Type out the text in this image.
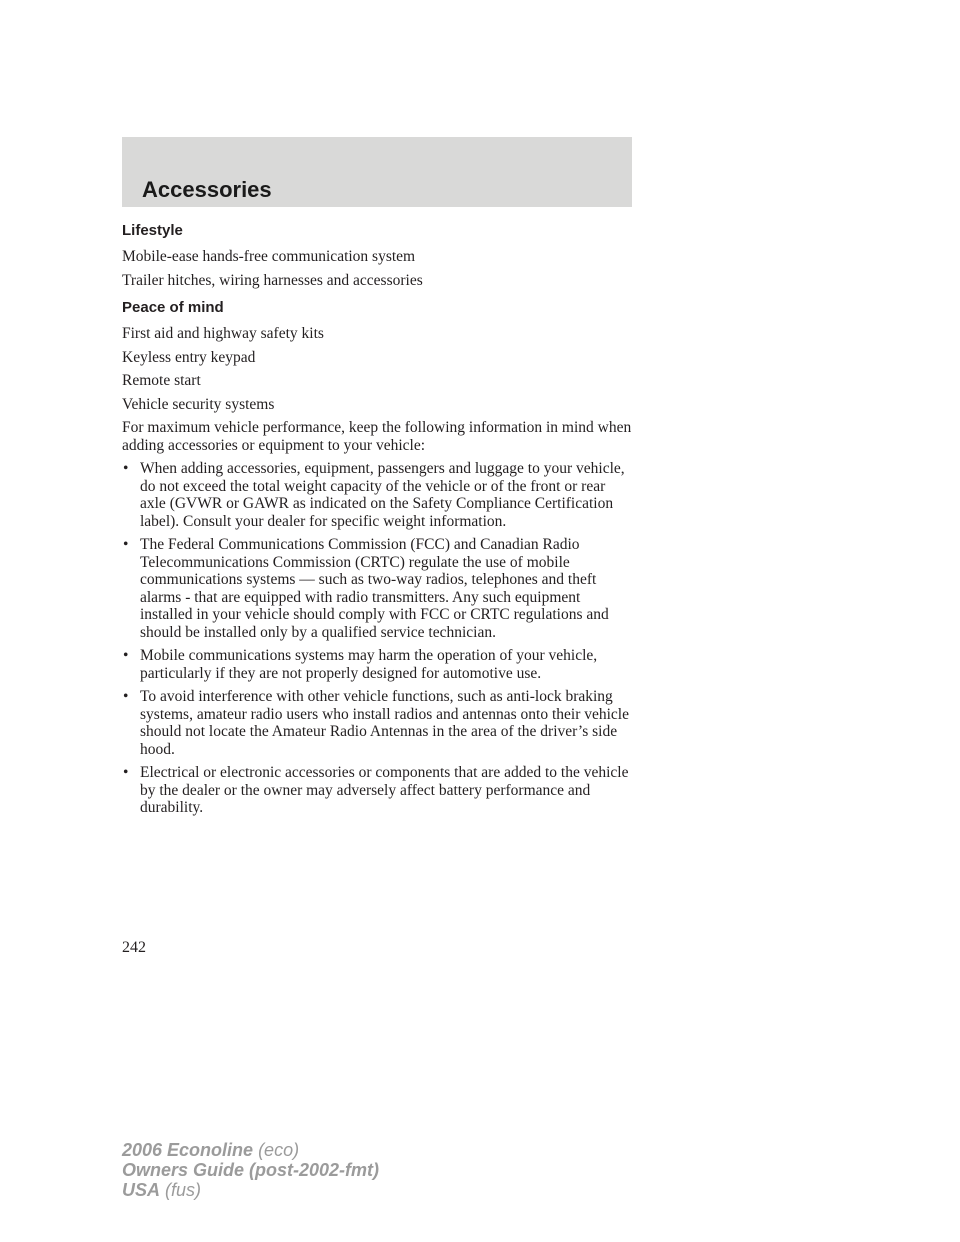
Accessories
Lifestyle

Mobile-ease hands-free communication system

Trailer hitches, wiring harnesses and accessories

Peace of mind

First aid and highway safety kits

Keyless entry keypad

Remote start

Vehicle security systems

For maximum vehicle performance, keep the following information in mind when adding accessories or equipment to your vehicle:

• When adding accessories, equipment, passengers and luggage to your vehicle, do not exceed the total weight capacity of the vehicle or of the front or rear axle (GVWR or GAWR as indicated on the Safety Compliance Certification label). Consult your dealer for specific weight information.
• The Federal Communications Commission (FCC) and Canadian Radio Telecommunications Commission (CRTC) regulate the use of mobile communications systems — such as two-way radios, telephones and theft alarms - that are equipped with radio transmitters. Any such equipment installed in your vehicle should comply with FCC or CRTC regulations and should be installed only by a qualified service technician.
• Mobile communications systems may harm the operation of your vehicle, particularly if they are not properly designed for automotive use.
• To avoid interference with other vehicle functions, such as anti-lock braking systems, amateur radio users who install radios and antennas onto their vehicle should not locate the Amateur Radio Antennas in the area of the driver’s side hood.
• Electrical or electronic accessories or components that are added to the vehicle by the dealer or the owner may adversely affect battery performance and durability.
242
2006 Econoline (eco)
Owners Guide (post-2002-fmt)
USA (fus)
